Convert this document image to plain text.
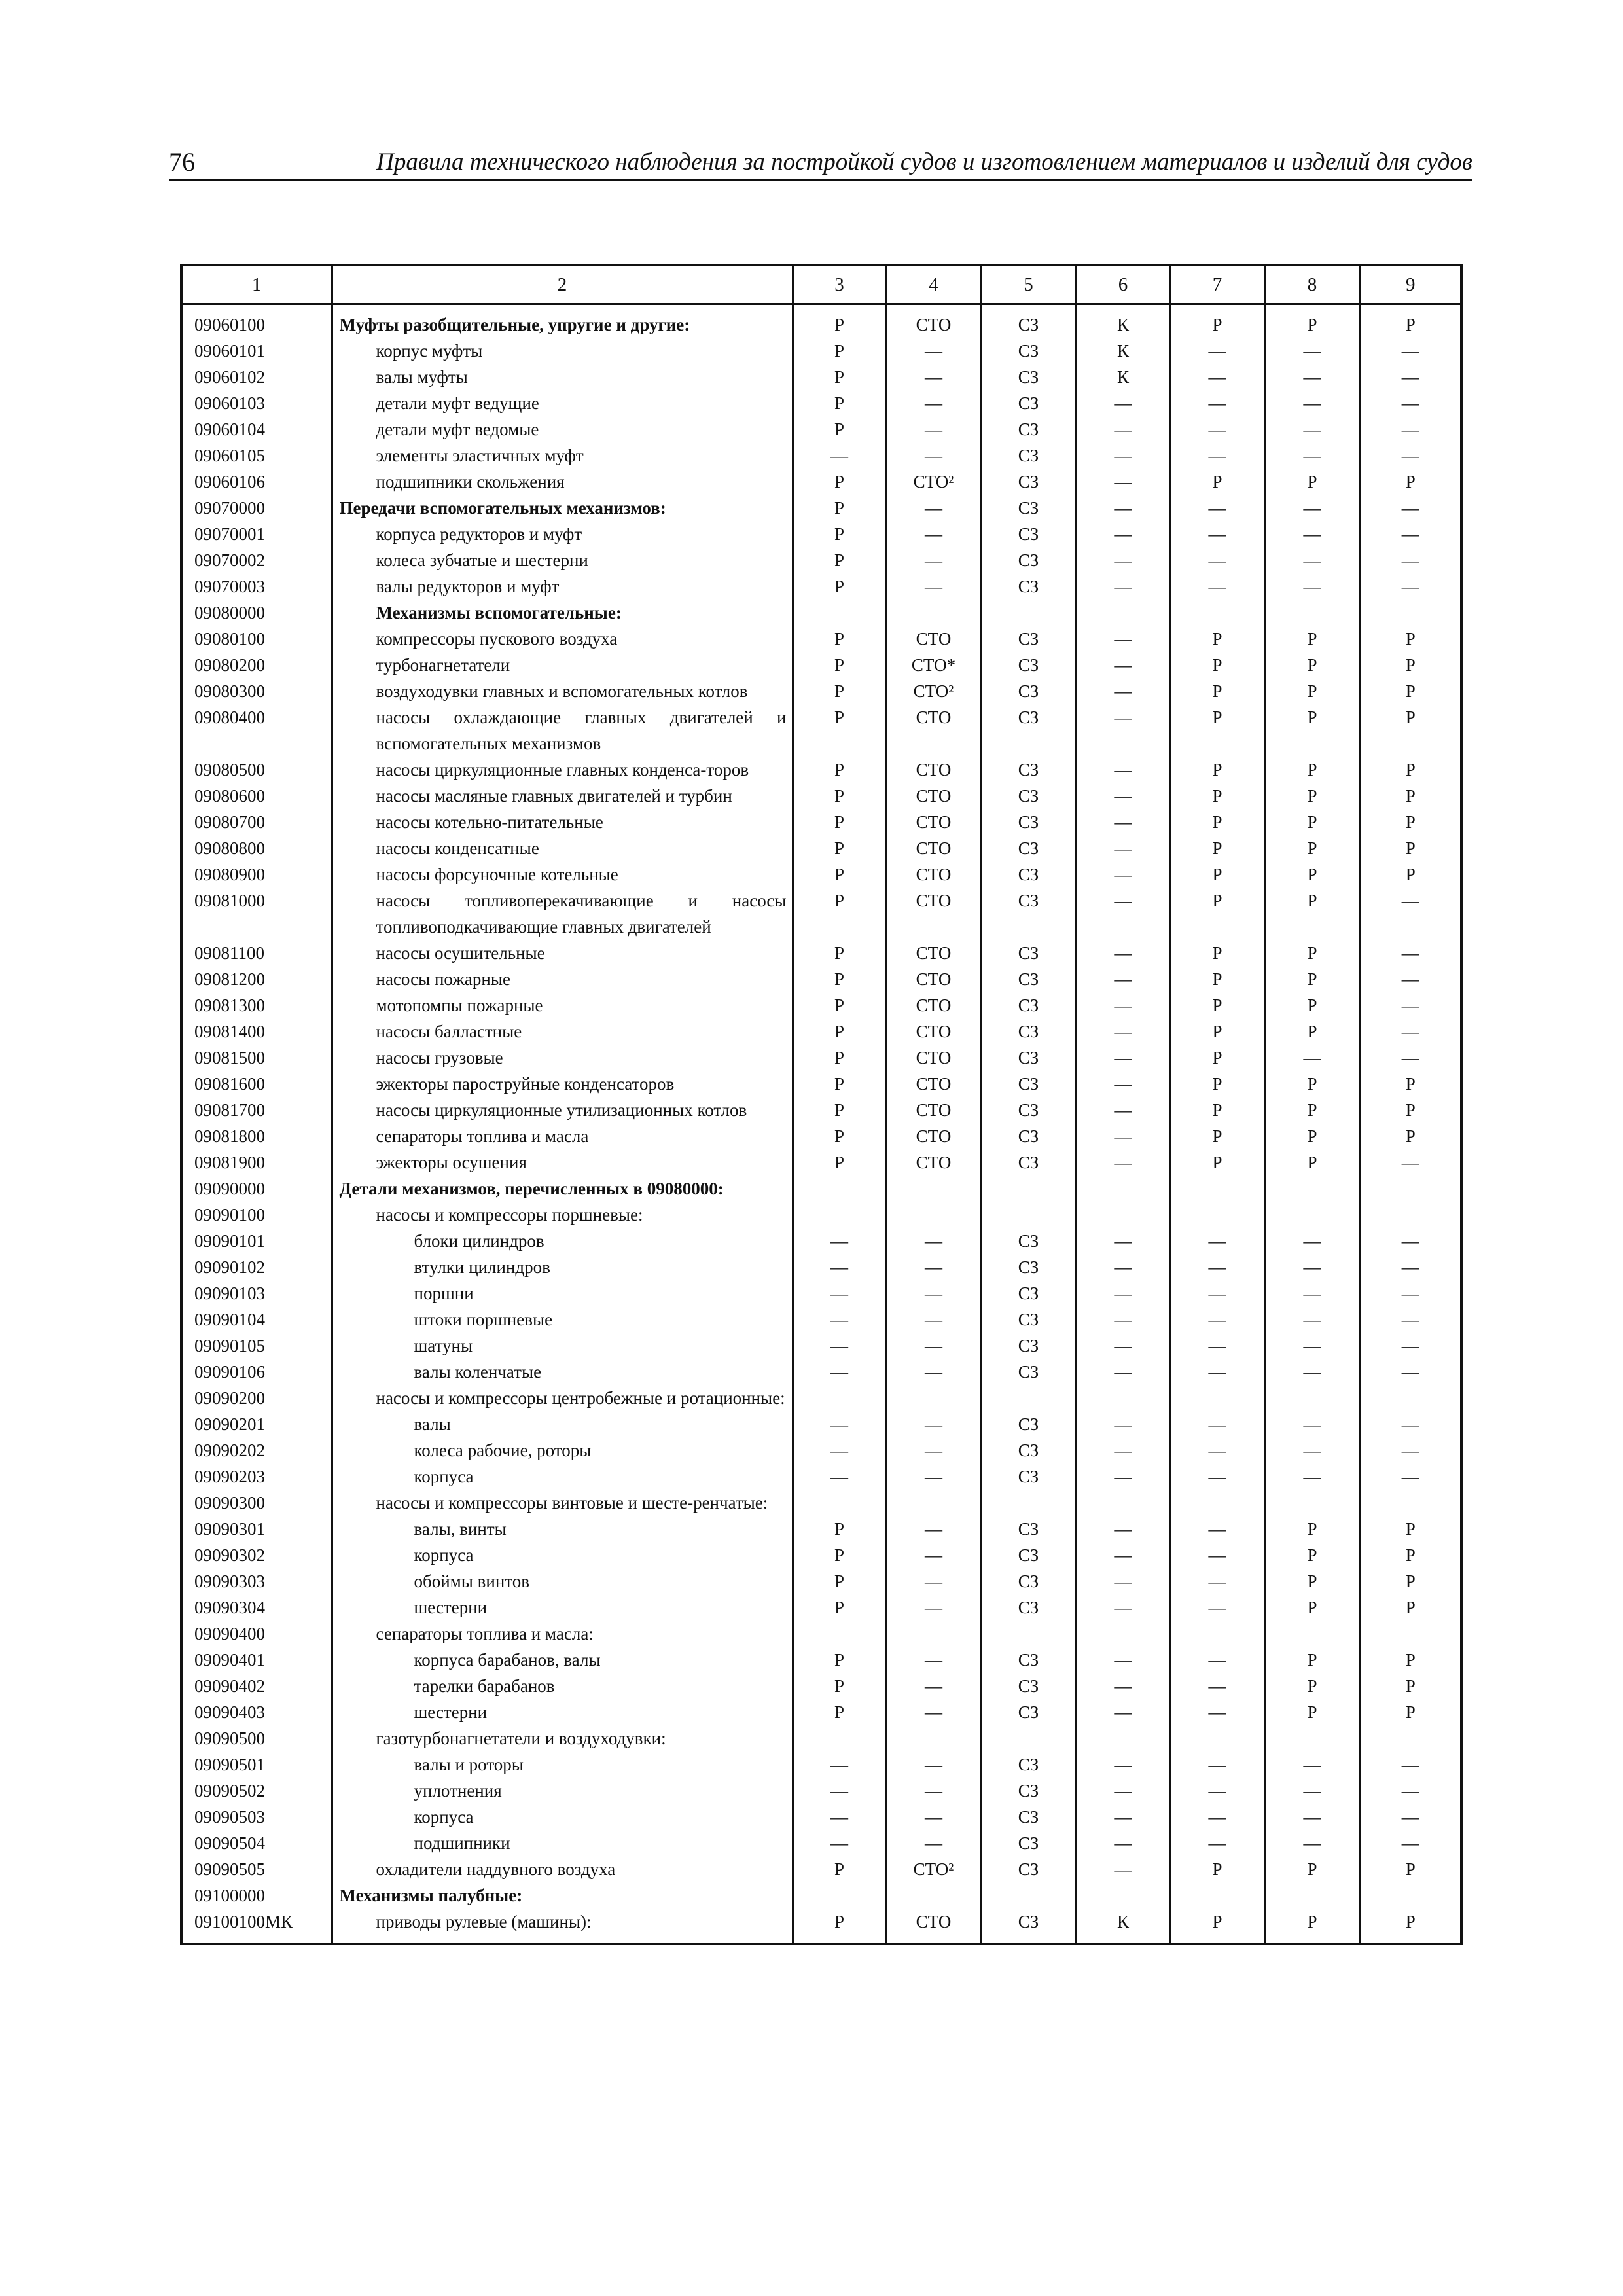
76	Правила технического наблюдения за постройкой судов и изготовлением материалов и изделий для судов
1	2	3	4	5	6	7	8	9
09060100	Муфты разобщительные, упругие и другие:	Р	СТО	СЗ	К	Р	Р	Р
09060101	корпус муфты	Р	—	СЗ	К	—	—	—
09060102	валы муфты	Р	—	СЗ	К	—	—	—
09060103	детали муфт ведущие	Р	—	СЗ	—	—	—	—
09060104	детали муфт ведомые	Р	—	СЗ	—	—	—	—
09060105	элементы эластичных муфт	—	—	СЗ	—	—	—	—
09060106	подшипники скольжения	Р	СТО²	СЗ	—	Р	Р	Р
09070000	Передачи вспомогательных механизмов:	Р	—	СЗ	—	—	—	—
09070001	корпуса редукторов и муфт	Р	—	СЗ	—	—	—	—
09070002	колеса зубчатые и шестерни	Р	—	СЗ	—	—	—	—
09070003	валы редукторов и муфт	Р	—	СЗ	—	—	—	—
09080000	Механизмы вспомогательные:							
09080100	компрессоры пускового воздуха	Р	СТО	СЗ	—	Р	Р	Р
09080200	турбонагнетатели	Р	СТО*	СЗ	—	Р	Р	Р
09080300	воздуходувки главных и вспомогательных котлов	Р	СТО²	СЗ	—	Р	Р	Р
09080400	насосы охлаждающие главных двигателей и вспомогательных механизмов	Р	СТО	СЗ	—	Р	Р	Р
09080500	насосы циркуляционные главных конденса-торов	Р	СТО	СЗ	—	Р	Р	Р
09080600	насосы масляные главных двигателей и турбин	Р	СТО	СЗ	—	Р	Р	Р
09080700	насосы котельно-питательные	Р	СТО	СЗ	—	Р	Р	Р
09080800	насосы конденсатные	Р	СТО	СЗ	—	Р	Р	Р
09080900	насосы форсуночные котельные	Р	СТО	СЗ	—	Р	Р	Р
09081000	насосы топливоперекачивающие и насосы топливоподкачивающие главных двигателей	Р	СТО	СЗ	—	Р	Р	—
09081100	насосы осушительные	Р	СТО	СЗ	—	Р	Р	—
09081200	насосы пожарные	Р	СТО	СЗ	—	Р	Р	—
09081300	мотопомпы пожарные	Р	СТО	СЗ	—	Р	Р	—
09081400	насосы балластные	Р	СТО	СЗ	—	Р	Р	—
09081500	насосы грузовые	Р	СТО	СЗ	—	Р	—	—
09081600	эжекторы пароструйные конденсаторов	Р	СТО	СЗ	—	Р	Р	Р
09081700	насосы циркуляционные утилизационных котлов	Р	СТО	СЗ	—	Р	Р	Р
09081800	сепараторы топлива и масла	Р	СТО	СЗ	—	Р	Р	Р
09081900	эжекторы осушения	Р	СТО	СЗ	—	Р	Р	—
09090000	Детали механизмов, перечисленных в 09080000:							
09090100	насосы и компрессоры поршневые:							
09090101	блоки цилиндров	—	—	СЗ	—	—	—	—
09090102	втулки цилиндров	—	—	СЗ	—	—	—	—
09090103	поршни	—	—	СЗ	—	—	—	—
09090104	штоки поршневые	—	—	СЗ	—	—	—	—
09090105	шатуны	—	—	СЗ	—	—	—	—
09090106	валы коленчатые	—	—	СЗ	—	—	—	—
09090200	насосы и компрессоры центробежные и ротационные:							
09090201	валы	—	—	СЗ	—	—	—	—
09090202	колеса рабочие, роторы	—	—	СЗ	—	—	—	—
09090203	корпуса	—	—	СЗ	—	—	—	—
09090300	насосы и компрессоры винтовые и шесте-ренчатые:							
09090301	валы, винты	Р	—	СЗ	—	—	Р	Р
09090302	корпуса	Р	—	СЗ	—	—	Р	Р
09090303	обоймы винтов	Р	—	СЗ	—	—	Р	Р
09090304	шестерни	Р	—	СЗ	—	—	Р	Р
09090400	сепараторы топлива и масла:							
09090401	корпуса барабанов, валы	Р	—	СЗ	—	—	Р	Р
09090402	тарелки барабанов	Р	—	СЗ	—	—	Р	Р
09090403	шестерни	Р	—	СЗ	—	—	Р	Р
09090500	газотурбонагнетатели и воздуходувки:							
09090501	валы и роторы	—	—	СЗ	—	—	—	—
09090502	уплотнения	—	—	СЗ	—	—	—	—
09090503	корпуса	—	—	СЗ	—	—	—	—
09090504	подшипники	—	—	СЗ	—	—	—	—
09090505	охладители наддувного воздуха	Р	СТО²	СЗ	—	Р	Р	Р
09100000	Механизмы палубные:							
09100100МК	приводы рулевые (машины):	Р	СТО	СЗ	К	Р	Р	Р
